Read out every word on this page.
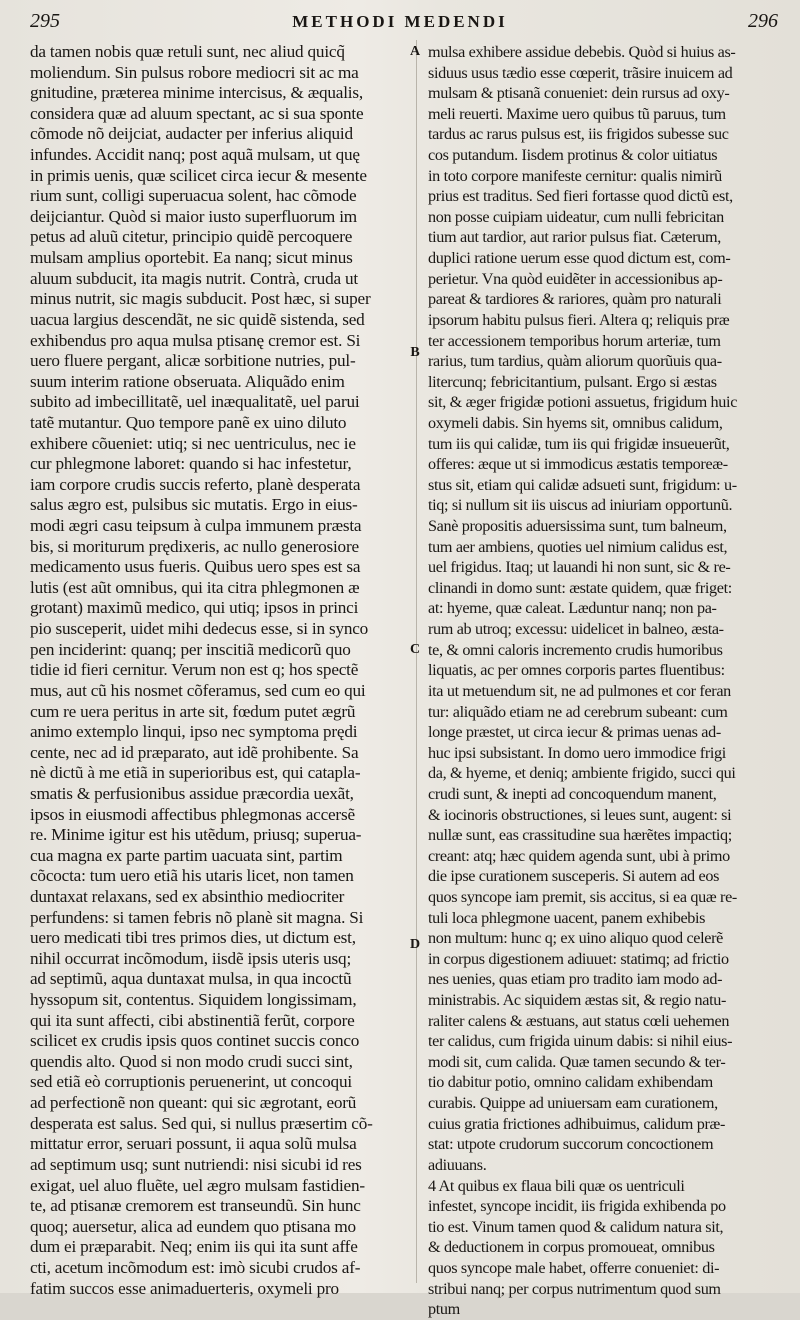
295	METHODI MEDENDI	296
da tamen nobis quæ retuli sunt, nec aliud quicq̃
moliendum. Sin pulsus robore mediocri sit ac ma
gnitudine, præterea minime intercisus, & æqualis,
considera quæ ad aluum spectant, ac si sua sponte
cõmode nõ deijciat, audacter per inferius aliquid
infundes. Accidit nanq; post aquã mulsam, ut quę
in primis uenis, quæ scilicet circa iecur & mesente
rium sunt, colligi superuacua solent, hac cõmode
deijciantur. Quòd si maior iusto superfluorum im
petus ad aluũ citetur, principio quidẽ percoquere
mulsam amplius oportebit. Ea nanq; sicut minus
aluum subducit, ita magis nutrit. Contrà, cruda ut
minus nutrit, sic magis subducit. Post hæc, si super
uacua largius descendãt, ne sic quidẽ sistenda, sed
exhibendus pro aqua mulsa ptisanę cremor est. Si
uero fluere pergant, alicæ sorbitione nutries, pul-
suum interim ratione obseruata. Aliquãdo enim
subito ad imbecillitatẽ, uel inæqualitatẽ, uel parui
tatẽ mutantur. Quo tempore panẽ ex uino diluto
exhibere cõueniet: utiq; si nec uentriculus, nec ie
cur phlegmone laboret: quando si hac infestetur,
iam corpore crudis succis referto, planè desperata
salus ægro est, pulsibus sic mutatis. Ergo in eius-
modi ægri casu teipsum à culpa immunem præsta
bis, si moriturum prędixeris, ac nullo generosiore
medicamento usus fueris. Quibus uero spes est sa
lutis (est aũt omnibus, qui ita citra phlegmonen æ
grotant) maximũ medico, qui utiq; ipsos in princi
pio susceperit, uidet mihi dedecus esse, si in synco
pen inciderint: quanq; per inscitiã medicorũ quo
tidie id fieri cernitur. Verum non est q; hos spectẽ
mus, aut cũ his nosmet cõferamus, sed cum eo qui
cum re uera peritus in arte sit, fœdum putet ægrũ
animo extemplo linqui, ipso nec symptoma prędi
cente, nec ad id præparato, aut idẽ prohibente. Sa
nè dictũ à me etiã in superioribus est, qui catapla-
smatis & perfusionibus assidue præcordia uexãt,
ipsos in eiusmodi affectibus phlegmonas accersẽ
re. Minime igitur est his utẽdum, priusq; superua-
cua magna ex parte partim uacuata sint, partim
cõcocta: tum uero etiã his utaris licet, non tamen
duntaxat relaxans, sed ex absinthio mediocriter
perfundens: si tamen febris nõ planè sit magna. Si
uero medicati tibi tres primos dies, ut dictum est,
nihil occurrat incõmodum, iisdẽ ipsis uteris usq;
ad septimũ, aqua duntaxat mulsa, in qua incoctũ
hyssopum sit, contentus. Siquidem longissimam,
qui ita sunt affecti, cibi abstinentiã ferũt, corpore
scilicet ex crudis ipsis quos continet succis conco
quendis alto. Quod si non modo crudi succi sint,
sed etiã eò corruptionis peruenerint, ut concoqui
ad perfectionẽ non queant: qui sic ægrotant, eorũ
desperata est salus. Sed qui, si nullus præsertim cõ-
mittatur error, seruari possunt, ii aqua solũ mulsa
ad septimum usq; sunt nutriendi: nisi sicubi id res
exigat, uel aluo fluẽte, uel ægro mulsam fastidien-
te, ad ptisanæ cremorem est transeundũ. Sin hunc
quoq; auersetur, alica ad eundem quo ptisana mo
dum ei præparabit. Neq; enim iis qui ita sunt affe
cti, acetum incõmodum est: imò sicubi crudos af-
fatim succos esse animaduerteris, oxymeli pro
mulsa exhibere assidue debebis. Quòd si huius as-
siduus usus tædio esse cœperit, trãsire inuicem ad
mulsam & ptisanã conueniet: dein rursus ad oxy-
meli reuerti. Maxime uero quibus tũ paruus, tum
tardus ac rarus pulsus est, iis frigidos subesse suc
cos putandum. Iisdem protinus & color uitiatus
in toto corpore manifeste cernitur: qualis nimirũ
prius est traditus. Sed fieri fortasse quod dictũ est,
non posse cuipiam uideatur, cum nulli febricitan
tium aut tardior, aut rarior pulsus fiat. Cæterum,
duplici ratione uerum esse quod dictum est, com-
perietur. Vna quòd euidẽter in accessionibus ap-
pareat & tardiores & rariores, quàm pro naturali
ipsorum habitu pulsus fieri. Altera q; reliquis præ
ter accessionem temporibus horum arteriæ, tum
rarius, tum tardius, quàm aliorum quorũuis qua-
litercunq; febricitantium, pulsant. Ergo si æstas
sit, & æger frigidæ potioni assuetus, frigidum huic
oxymeli dabis. Sin hyems sit, omnibus calidum,
tum iis qui calidæ, tum iis qui frigidæ insueuerũt,
offeres: æque ut si immodicus æstatis temporeæ-
stus sit, etiam qui calidæ adsueti sunt, frigidum: u-
tiq; si nullum sit iis uiscus ad iniuriam opportunũ.
Sanè propositis aduersissima sunt, tum balneum,
tum aer ambiens, quoties uel nimium calidus est,
uel frigidus. Itaq; ut lauandi hi non sunt, sic & re-
clinandi in domo sunt: æstate quidem, quæ friget:
at: hyeme, quæ caleat. Læduntur nanq; non pa-
rum ab utroq; excessu: uidelicet in balneo, æsta-
te, & omni caloris incremento crudis humoribus
liquatis, ac per omnes corporis partes fluentibus:
ita ut metuendum sit, ne ad pulmones et cor feran
tur: aliquãdo etiam ne ad cerebrum subeant: cum
longe præstet, ut circa iecur & primas uenas ad-
huc ipsi subsistant. In domo uero immodice frigi
da, & hyeme, et deniq; ambiente frigido, succi qui
crudi sunt, & inepti ad concoquendum manent,
& iocinoris obstructiones, si leues sunt, augent: si
nullæ sunt, eas crassitudine sua hærẽtes impactiq;
creant: atq; hæc quidem agenda sunt, ubi à primo
die ipse curationem susceperis. Si autem ad eos
quos syncope iam premit, sis accitus, si ea quæ re-
tuli loca phlegmone uacent, panem exhibebis
non multum: hunc q; ex uino aliquo quod celerẽ
in corpus digestionem adiuuet: statimq; ad frictio
nes uenies, quas etiam pro tradito iam modo ad-
ministrabis. Ac siquidem æstas sit, & regio natu-
raliter calens & æstuans, aut status cœli uehemen
ter calidus, cum frigida uinum dabis: si nihil eius-
modi sit, cum calida. Quæ tamen secundo & ter-
tio dabitur potio, omnino calidam exhibendam
curabis. Quippe ad uniuersam eam curationem,
cuius gratia frictiones adhibuimus, calidum præ-
stat: utpote crudorum succorum concoctionem
adiuuans.
4 At quibus ex flaua bili quæ os uentriculi
infestet, syncope incidit, iis frigida exhibenda po
tio est. Vinum tamen quod & calidum natura sit,
& deductionem in corpus promoueat, omnibus
quos syncope male habet, offerre conueniet: di-
stribui nanq; per corpus nutrimentum quod sum
ptum
A
B
C
D
